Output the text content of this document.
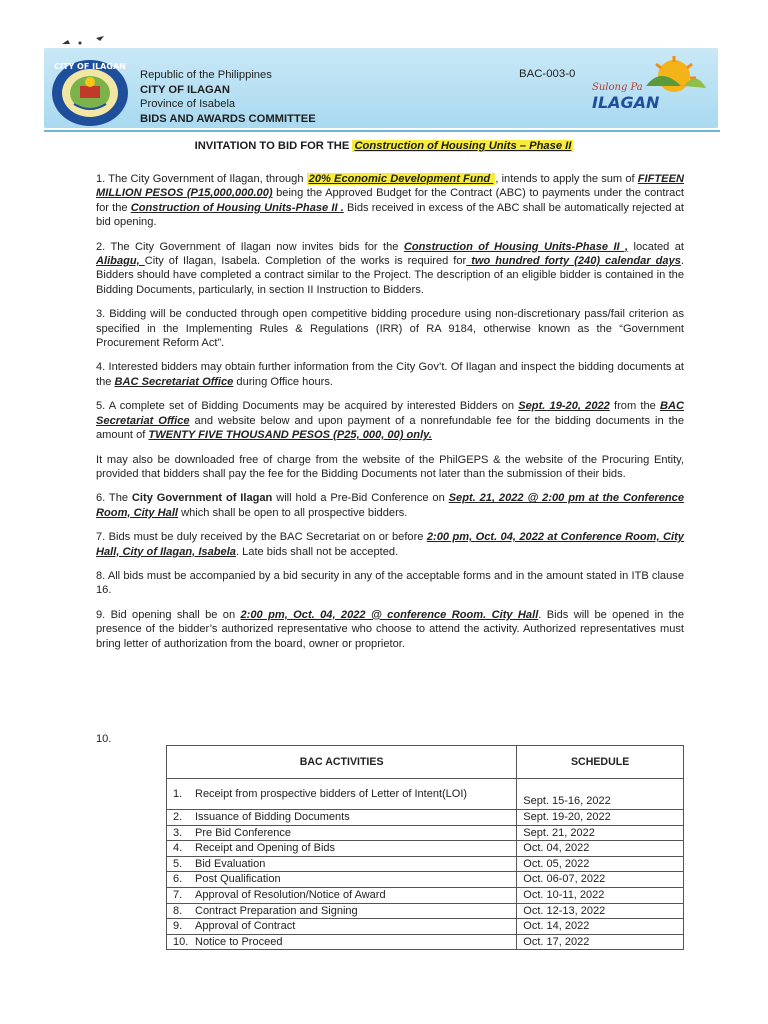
CITY OF ILAGAN
Republic of the Philippines
CITY OF ILAGAN
Province of Isabela
BIDS AND AWARDS COMMITTEE
BAC-003-0
Sulong Pa
ILAGAN
INVITATION TO BID FOR THE Construction of Housing Units – Phase II

1. The City Government of Ilagan, through 20% Economic Development Fund , intends to apply the sum of FIFTEEN MILLION PESOS (P15,000,000.00) being the Approved Budget for the Contract (ABC) to payments under the contract for the Construction of Housing Units-Phase II . Bids received in excess of the ABC shall be automatically rejected at bid opening.

2. The City Government of Ilagan now invites bids for the Construction of Housing Units-Phase II , located at Alibagu, City of Ilagan, Isabela. Completion of the works is required for two hundred forty (240) calendar days. Bidders should have completed a contract similar to the Project. The description of an eligible bidder is contained in the Bidding Documents, particularly, in section II Instruction to Bidders.

3. Bidding will be conducted through open competitive bidding procedure using non-discretionary pass/fail criterion as specified in the Implementing Rules & Regulations (IRR) of RA 9184, otherwise known as the “Government Procurement Reform Act”.

4. Interested bidders may obtain further information from the City Gov’t. Of Ilagan and inspect the bidding documents at the BAC Secretariat Office during Office hours.

5. A complete set of Bidding Documents may be acquired by interested Bidders on Sept. 19-20, 2022 from the BAC Secretariat Office and website below and upon payment of a nonrefundable fee for the bidding documents in the amount of TWENTY FIVE THOUSAND PESOS (P25, 000, 00) only.

It may also be downloaded free of charge from the website of the PhilGEPS & the website of the Procuring Entity, provided that bidders shall pay the fee for the Bidding Documents not later than the submission of their bids.

6. The City Government of Ilagan will hold a Pre-Bid Conference on Sept. 21, 2022 @ 2:00 pm at the Conference Room, City Hall which shall be open to all prospective bidders.

7. Bids must be duly received by the BAC Secretariat on or before 2:00 pm, Oct. 04, 2022 at Conference Room, City Hall, City of Ilagan, Isabela. Late bids shall not be accepted.

8. All bids must be accompanied by a bid security in any of the acceptable forms and in the amount stated in ITB clause 16.

9. Bid opening shall be on 2:00 pm, Oct. 04, 2022 @ conference Room. City Hall. Bids will be opened in the presence of the bidder’s authorized representative who choose to attend the activity. Authorized representatives must bring letter of authorization from the board, owner or proprietor.

10.
BAC ACTIVITIES	SCHEDULE
1. Receipt from prospective bidders of Letter of Intent(LOI)	Sept. 15-16, 2022
2. Issuance of Bidding Documents	Sept. 19-20, 2022
3. Pre Bid Conference	Sept. 21, 2022
4. Receipt and Opening of Bids	Oct. 04, 2022
5. Bid Evaluation	Oct. 05, 2022
6. Post Qualification	Oct. 06-07, 2022
7. Approval of Resolution/Notice of Award	Oct. 10-11, 2022
8. Contract Preparation and Signing	Oct. 12-13, 2022
9. Approval of Contract	Oct. 14, 2022
10. Notice to Proceed	Oct. 17, 2022
